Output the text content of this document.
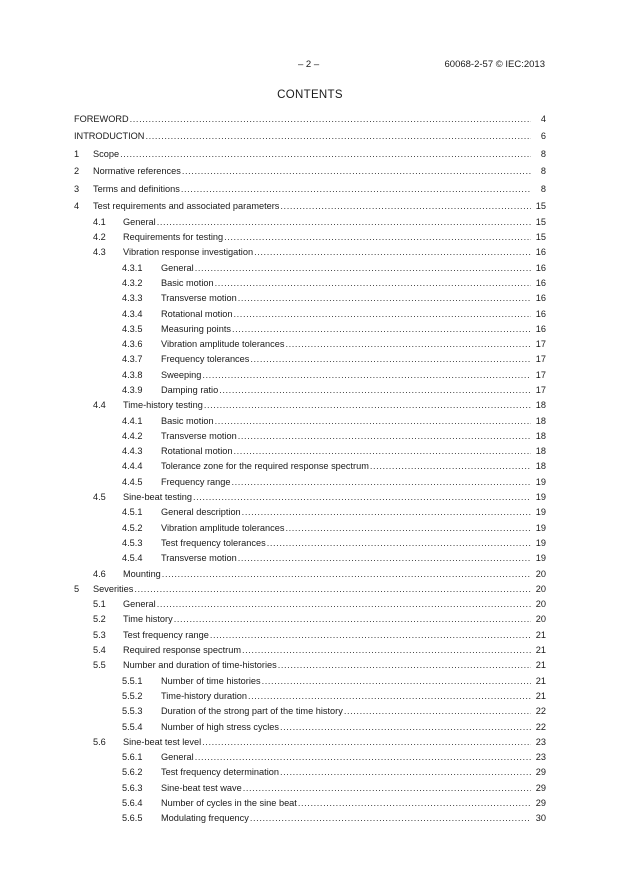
– 2 –	60068-2-57 © IEC:2013
CONTENTS
FOREWORD .....	4
INTRODUCTION .....	6
1	Scope .....	8
2	Normative references .....	8
3	Terms and definitions .....	8
4	Test requirements and associated parameters .....	15
4.1	General .....	15
4.2	Requirements for testing .....	15
4.3	Vibration response investigation .....	16
4.3.1	General .....	16
4.3.2	Basic motion .....	16
4.3.3	Transverse motion .....	16
4.3.4	Rotational motion .....	16
4.3.5	Measuring points .....	16
4.3.6	Vibration amplitude tolerances .....	17
4.3.7	Frequency tolerances .....	17
4.3.8	Sweeping .....	17
4.3.9	Damping ratio .....	17
4.4	Time-history testing .....	18
4.4.1	Basic motion .....	18
4.4.2	Transverse motion .....	18
4.4.3	Rotational motion .....	18
4.4.4	Tolerance zone for the required response spectrum .....	18
4.4.5	Frequency range .....	19
4.5	Sine-beat testing .....	19
4.5.1	General description .....	19
4.5.2	Vibration amplitude tolerances .....	19
4.5.3	Test frequency tolerances .....	19
4.5.4	Transverse motion .....	19
4.6	Mounting .....	20
5	Severities .....	20
5.1	General .....	20
5.2	Time history .....	20
5.3	Test frequency range .....	21
5.4	Required response spectrum .....	21
5.5	Number and duration of time-histories .....	21
5.5.1	Number of time histories .....	21
5.5.2	Time-history duration .....	21
5.5.3	Duration of the strong part of the time history .....	22
5.5.4	Number of high stress cycles .....	22
5.6	Sine-beat test level .....	23
5.6.1	General .....	23
5.6.2	Test frequency determination .....	29
5.6.3	Sine-beat test wave .....	29
5.6.4	Number of cycles in the sine beat .....	29
5.6.5	Modulating frequency .....	30
